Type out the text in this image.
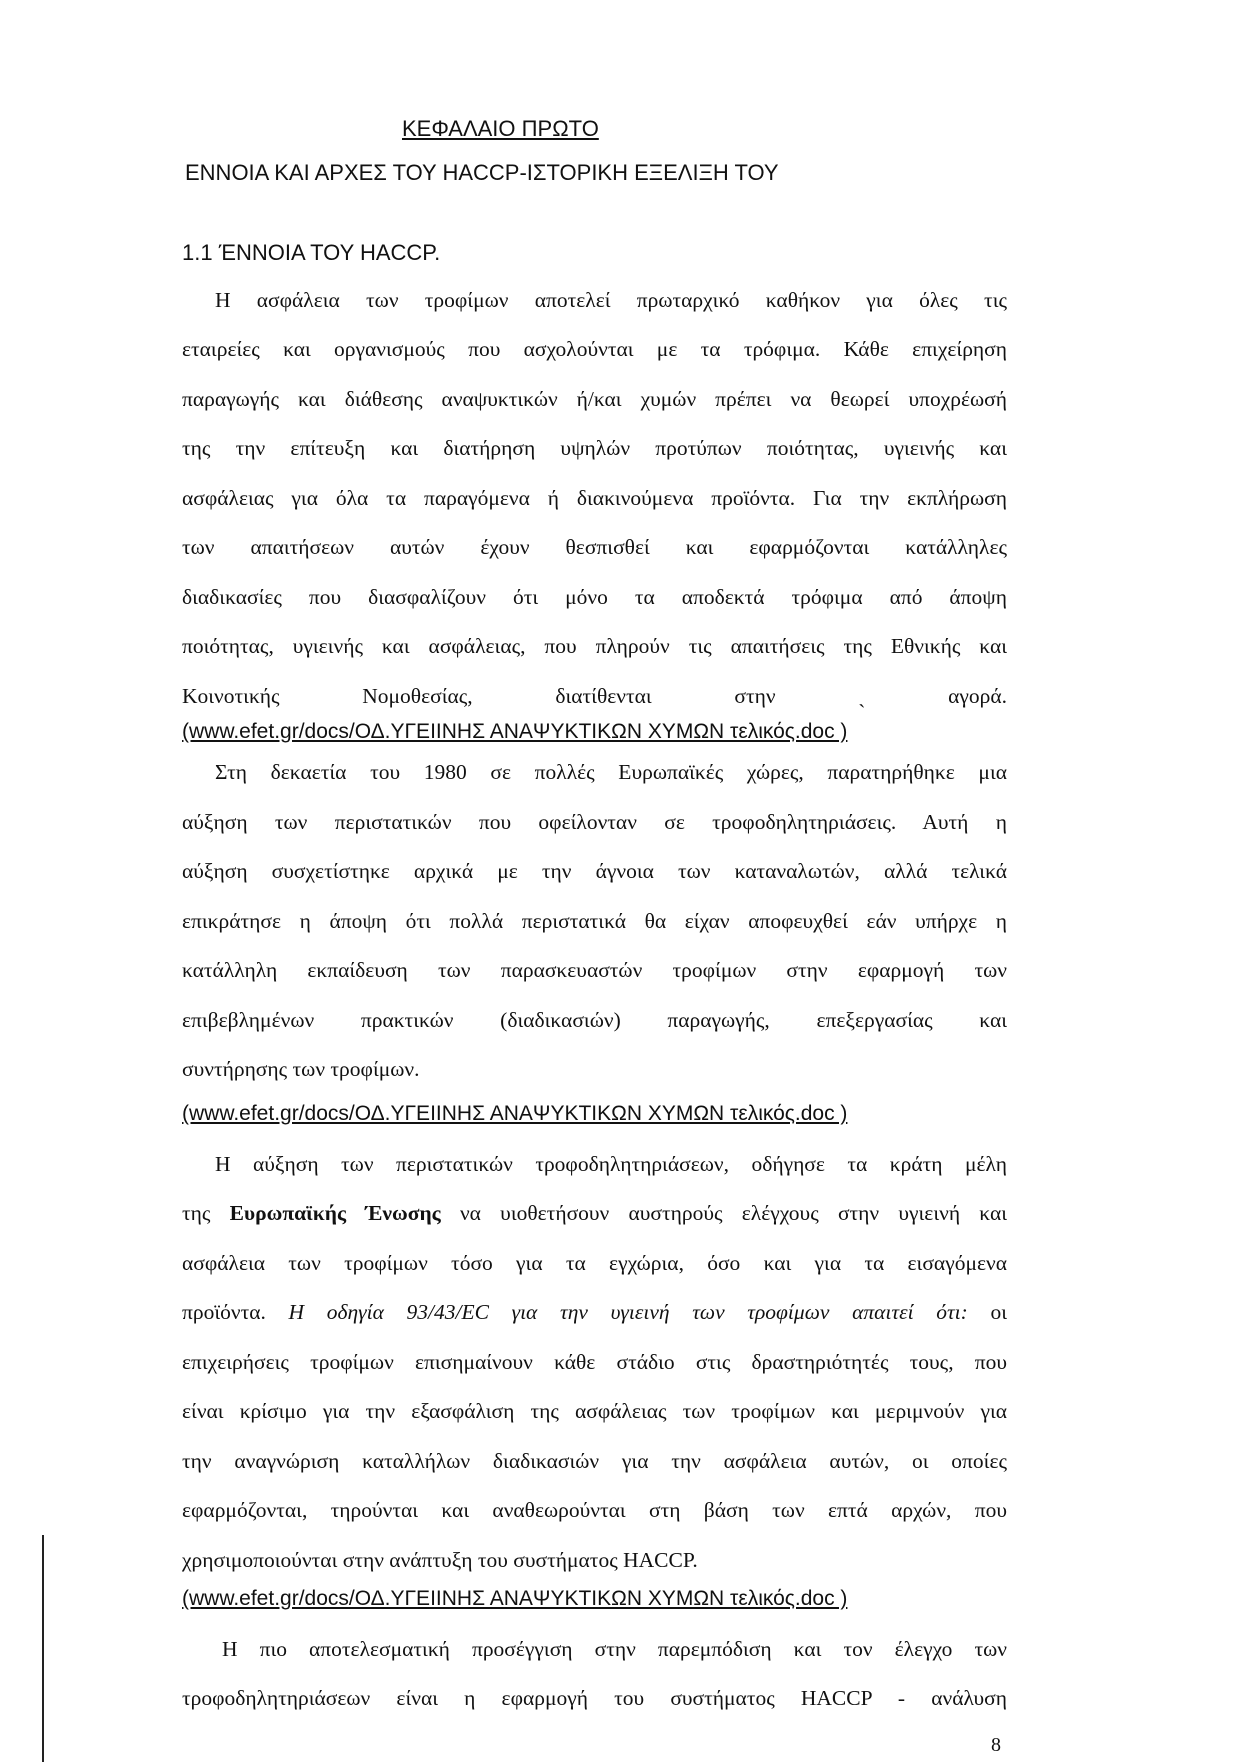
ΚΕΦΑΛΑΙΟ ΠΡΩΤΟ
ΕΝΝΟΙΑ ΚΑΙ ΑΡΧΕΣ ΤΟΥ HACCP-ΙΣΤΟΡΙΚΗ ΕΞΕΛΙΞΗ ΤΟΥ
1.1 ΈΝΝΟΙΑ ΤΟΥ HACCP.
Η ασφάλεια των τροφίμων αποτελεί πρωταρχικό καθήκον για όλες τις
εταιρείες και οργανισμούς που ασχολούνται με τα τρόφιμα. Κάθε επιχείρηση
παραγωγής και διάθεσης αναψυκτικών ή/και χυμών πρέπει να θεωρεί υποχρέωσή
της την επίτευξη και διατήρηση υψηλών προτύπων ποιότητας, υγιεινής και
ασφάλειας για όλα τα παραγόμενα ή διακινούμενα προϊόντα. Για την εκπλήρωση
των απαιτήσεων αυτών έχουν θεσπισθεί και εφαρμόζονται κατάλληλες
διαδικασίες που διασφαλίζουν ότι μόνο τα αποδεκτά τρόφιμα από άποψη
ποιότητας, υγιεινής και ασφάλειας, που πληρούν τις απαιτήσεις της Εθνικής και
Κοινοτικής Νομοθεσίας, διατίθενται στην ˎ αγορά.
(www.efet.gr/docs/ΟΔ.ΥΓΕΙΙΝΗΣ ΑΝΑΨΥΚΤΙΚΩΝ ΧΥΜΩΝ τελικός.doc )
Στη δεκαετία του 1980 σε πολλές Ευρωπαϊκές χώρες, παρατηρήθηκε μια
αύξηση των περιστατικών που οφείλονταν σε τροφοδηλητηριάσεις. Αυτή η
αύξηση συσχετίστηκε αρχικά με την άγνοια των καταναλωτών, αλλά τελικά
επικράτησε η άποψη ότι πολλά περιστατικά θα είχαν αποφευχθεί εάν υπήρχε η
κατάλληλη εκπαίδευση των παρασκευαστών τροφίμων στην εφαρμογή των
επιβεβλημένων πρακτικών (διαδικασιών) παραγωγής, επεξεργασίας και
συντήρησης των τροφίμων.
(www.efet.gr/docs/ΟΔ.ΥΓΕΙΙΝΗΣ ΑΝΑΨΥΚΤΙΚΩΝ ΧΥΜΩΝ τελικός.doc )
Η αύξηση των περιστατικών τροφοδηλητηριάσεων, οδήγησε τα κράτη μέλη
της Ευρωπαϊκής Ένωσης να υιοθετήσουν αυστηρούς ελέγχους στην υγιεινή και
ασφάλεια των τροφίμων τόσο για τα εγχώρια, όσο και για τα εισαγόμενα
προϊόντα. Η οδηγία 93/43/EC για την υγιεινή των τροφίμων απαιτεί ότι: οι
επιχειρήσεις τροφίμων επισημαίνουν κάθε στάδιο στις δραστηριότητές τους, που
είναι κρίσιμο για την εξασφάλιση της ασφάλειας των τροφίμων και μεριμνούν για
την αναγνώριση καταλλήλων διαδικασιών για την ασφάλεια αυτών, οι οποίες
εφαρμόζονται, τηρούνται και αναθεωρούνται στη βάση των επτά αρχών, που
χρησιμοποιούνται στην ανάπτυξη του συστήματος HACCP.
(www.efet.gr/docs/ΟΔ.ΥΓΕΙΙΝΗΣ ΑΝΑΨΥΚΤΙΚΩΝ ΧΥΜΩΝ τελικός.doc )
Η πιο αποτελεσματική προσέγγιση στην παρεμπόδιση και τον έλεγχο των
τροφοδηλητηριάσεων είναι η εφαρμογή του συστήματος HACCP - ανάλυση
8
